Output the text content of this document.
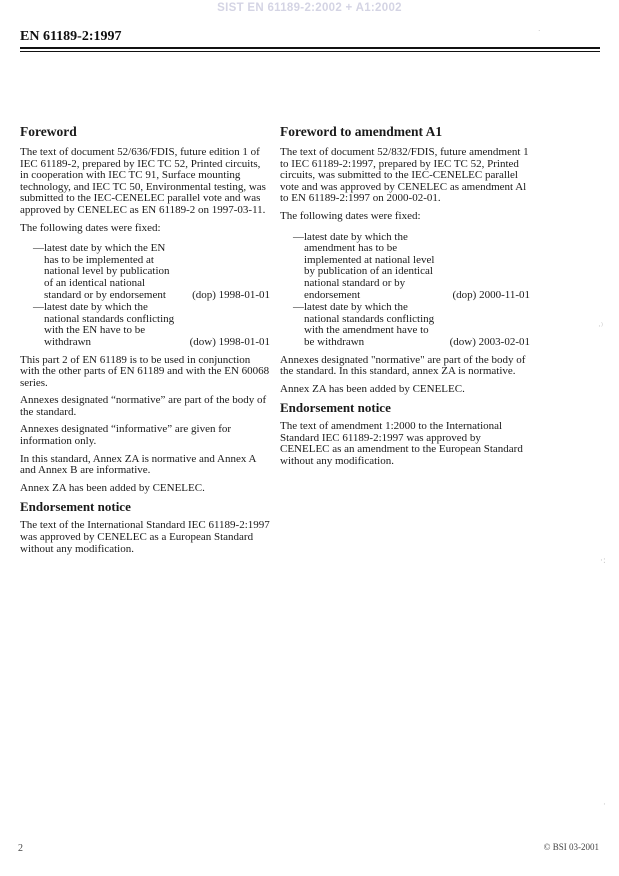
SIST EN 61189-2:2002 + A1:2002
EN 61189-2:1997
Foreword

The text of document 52/636/FDIS, future edition 1 of IEC 61189-2, prepared by IEC TC 52, Printed circuits, in cooperation with IEC TC 91, Surface mounting technology, and IEC TC 50, Environmental testing, was submitted to the IEC-CENELEC parallel vote and was approved by CENELEC as EN 61189-2 on 1997-03-11.

The following dates were fixed:

— latest date by which the EN has to be implemented at national level by publication of an identical national standard or by endorsement	(dop) 1998-01-01
— latest date by which the national standards conflicting with the EN have to be withdrawn	(dow) 1998-01-01

This part 2 of EN 61189 is to be used in conjunction with the other parts of EN 61189 and with the EN 60068 series.

Annexes designated “normative” are part of the body of the standard.

Annexes designated “informative” are given for information only.

In this standard, Annex ZA is normative and Annex A and Annex B are informative.

Annex ZA has been added by CENELEC.

Endorsement notice

The text of the International Standard IEC 61189-2:1997 was approved by CENELEC as a European Standard without any modification.

Foreword to amendment A1

The text of document 52/832/FDIS, future amendment 1 to IEC 61189-2:1997, prepared by IEC TC 52, Printed circuits, was submitted to the IEC-CENELEC parallel vote and was approved by CENELEC as amendment Al to EN 61189-2:1997 on 2000-02-01.

The following dates were fixed:

— latest date by which the amendment has to be implemented at national level by publication of an identical national standard or by endorsement	(dop) 2000-11-01
— latest date by which the national standards conflicting with the amendment have to be withdrawn	(dow) 2003-02-01

Annexes designated "normative" are part of the body of the standard. In this standard, annex ZA is normative.

Annex ZA has been added by CENELEC.

Endorsement notice

The text of amendment 1:2000 to the International Standard IEC 61189-2:1997 was approved by CENELEC as an amendment to the European Standard without any modification.

˙
·⁾
·:
·
2	© BSI 03-2001
